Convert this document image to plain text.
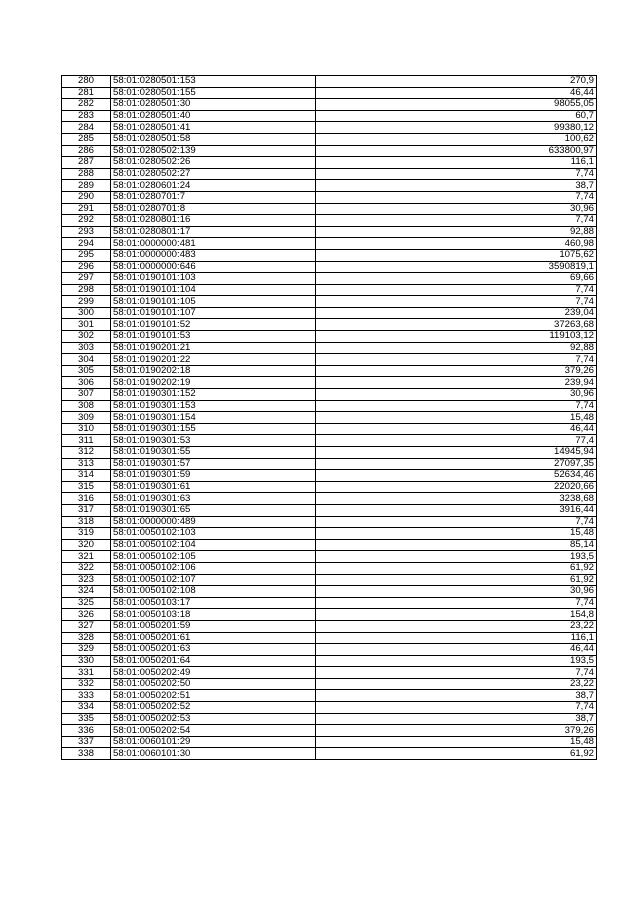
280	58:01:0280501:153	270,9
281	58:01:0280501:155	46,44
282	58:01:0280501:30	98055,05
283	58:01:0280501:40	60,7
284	58:01:0280501:41	99380,12
285	58:01:0280501:58	100,62
286	58:01:0280502:139	633800,97
287	58:01:0280502:26	116,1
288	58:01:0280502:27	7,74
289	58:01:0280601:24	38,7
290	58:01:0280701:7	7,74
291	58:01:0280701:8	30,96
292	58:01:0280801:16	7,74
293	58:01:0280801:17	92,88
294	58:01:0000000:481	460,98
295	58:01:0000000:483	1075,62
296	58:01:0000000:646	3590819,1
297	58:01:0190101:103	69,66
298	58:01:0190101:104	7,74
299	58:01:0190101:105	7,74
300	58:01:0190101:107	239,04
301	58:01:0190101:52	37263,68
302	58:01:0190101:53	119103,12
303	58:01:0190201:21	92,88
304	58:01:0190201:22	7,74
305	58:01:0190202:18	379,26
306	58:01:0190202:19	239,94
307	58:01:0190301:152	30,96
308	58:01:0190301:153	7,74
309	58:01:0190301:154	15,48
310	58:01:0190301:155	46,44
311	58:01:0190301:53	77,4
312	58:01:0190301:55	14945,94
313	58:01:0190301:57	27097,35
314	58:01:0190301:59	52634,46
315	58:01:0190301:61	22020,66
316	58:01:0190301:63	3238,68
317	58:01:0190301:65	3916,44
318	58:01:0000000:489	7,74
319	58:01:0050102:103	15,48
320	58:01:0050102:104	85,14
321	58:01:0050102:105	193,5
322	58:01:0050102:106	61,92
323	58:01:0050102:107	61,92
324	58:01:0050102:108	30,96
325	58:01:0050103:17	7,74
326	58:01:0050103:18	154,8
327	58:01:0050201:59	23,22
328	58:01:0050201:61	116,1
329	58:01:0050201:63	46,44
330	58:01:0050201:64	193,5
331	58:01:0050202:49	7,74
332	58:01:0050202:50	23,22
333	58:01:0050202:51	38,7
334	58:01:0050202:52	7,74
335	58:01:0050202:53	38,7
336	58:01:0050202:54	379,26
337	58:01:0060101:29	15,48
338	58:01:0060101:30	61,92
